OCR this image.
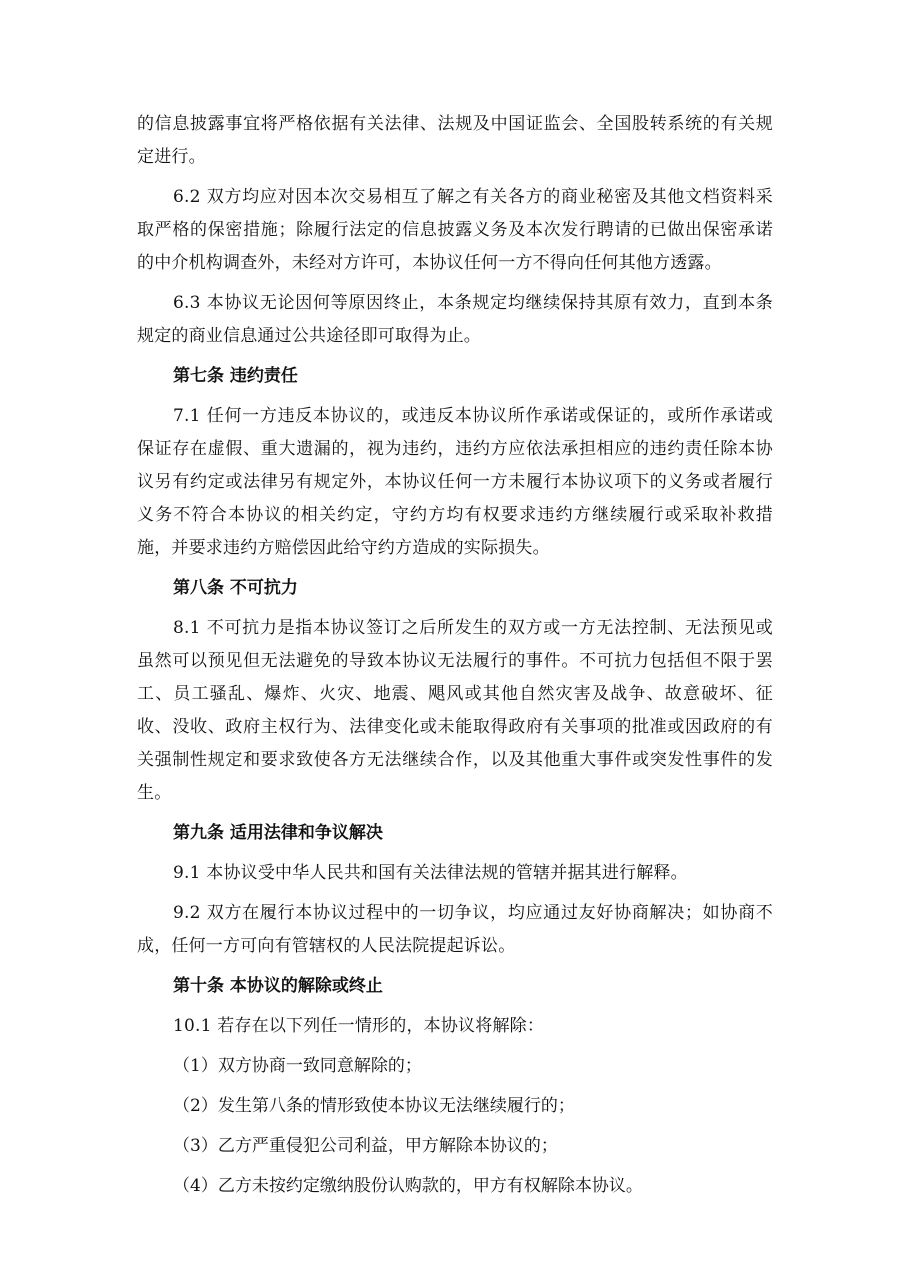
的信息披露事宜将严格依据有关法律、法规及中国证监会、全国股转系统的有关规定进行。

6.2 双方均应对因本次交易相互了解之有关各方的商业秘密及其他文档资料采取严格的保密措施；除履行法定的信息披露义务及本次发行聘请的已做出保密承诺的中介机构调查外，未经对方许可，本协议任何一方不得向任何其他方透露。

6.3 本协议无论因何等原因终止，本条规定均继续保持其原有效力，直到本条规定的商业信息通过公共途径即可取得为止。

第七条 违约责任

7.1 任何一方违反本协议的，或违反本协议所作承诺或保证的，或所作承诺或保证存在虚假、重大遗漏的，视为违约，违约方应依法承担相应的违约责任除本协议另有约定或法律另有规定外，本协议任何一方未履行本协议项下的义务或者履行义务不符合本协议的相关约定，守约方均有权要求违约方继续履行或采取补救措施，并要求违约方赔偿因此给守约方造成的实际损失。

第八条 不可抗力

8.1 不可抗力是指本协议签订之后所发生的双方或一方无法控制、无法预见或虽然可以预见但无法避免的导致本协议无法履行的事件。不可抗力包括但不限于罢工、员工骚乱、爆炸、火灾、地震、飓风或其他自然灾害及战争、故意破坏、征收、没收、政府主权行为、法律变化或未能取得政府有关事项的批准或因政府的有关强制性规定和要求致使各方无法继续合作，以及其他重大事件或突发性事件的发生。

第九条 适用法律和争议解决

9.1 本协议受中华人民共和国有关法律法规的管辖并据其进行解释。

9.2 双方在履行本协议过程中的一切争议，均应通过友好协商解决；如协商不成，任何一方可向有管辖权的人民法院提起诉讼。

第十条 本协议的解除或终止

10.1 若存在以下列任一情形的，本协议将解除：

（1）双方协商一致同意解除的；

（2）发生第八条的情形致使本协议无法继续履行的；

（3）乙方严重侵犯公司利益，甲方解除本协议的；

（4）乙方未按约定缴纳股份认购款的，甲方有权解除本协议。
